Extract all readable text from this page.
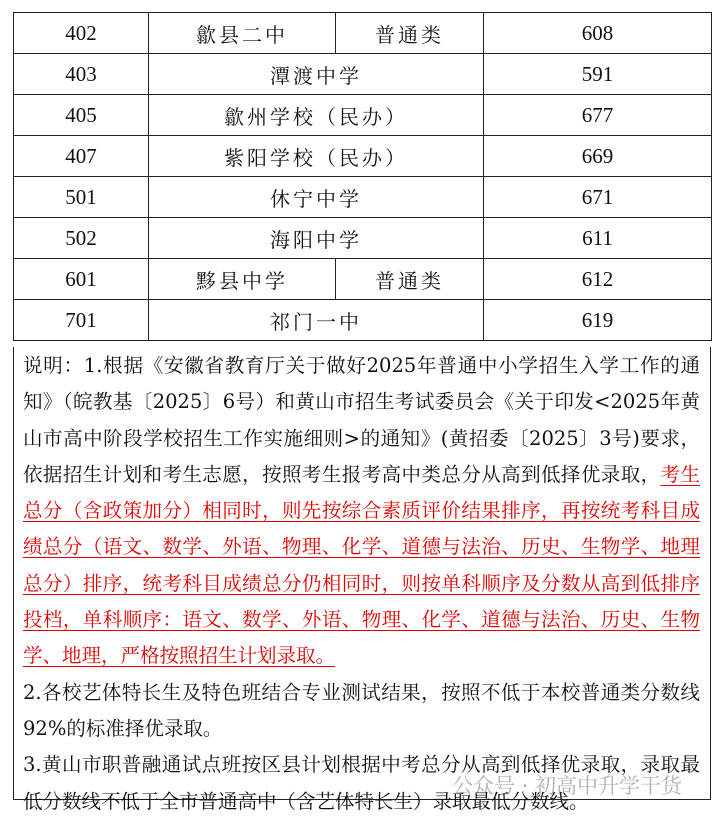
402	歙县二中	普通类	608
403	潭渡中学		591
405	歙州学校（民办）		677
407	紫阳学校（民办）		669
501	休宁中学		671
502	海阳中学		611
601	黟县中学	普通类	612
701	祁门一中		619

说明：1.根据《安徽省教育厅关于做好2025年普通中小学招生入学工作的通知》（皖教基〔2025〕6号）和黄山市招生考试委员会《关于印发<2025年黄山市高中阶段学校招生工作实施细则>的通知》(黄招委〔2025〕3号)要求，依据招生计划和考生志愿，按照考生报考高中类总分从高到低择优录取，考生总分（含政策加分）相同时，则先按综合素质评价结果排序，再按统考科目成绩总分（语文、数学、外语、物理、化学、道德与法治、历史、生物学、地理总分）排序，统考科目成绩总分仍相同时，则按单科顺序及分数从高到低排序投档，单科顺序：语文、数学、外语、物理、化学、道德与法治、历史、生物学、地理，严格按照招生计划录取。

2.各校艺体特长生及特色班结合专业测试结果，按照不低于本校普通类分数线92%的标准择优录取。

3.黄山市职普融通试点班按区县计划根据中考总分从高到低择优录取，录取最低分数线不低于全市普通高中（含艺体特长生）录取最低分数线。

公众号 · 初高中升学干货
